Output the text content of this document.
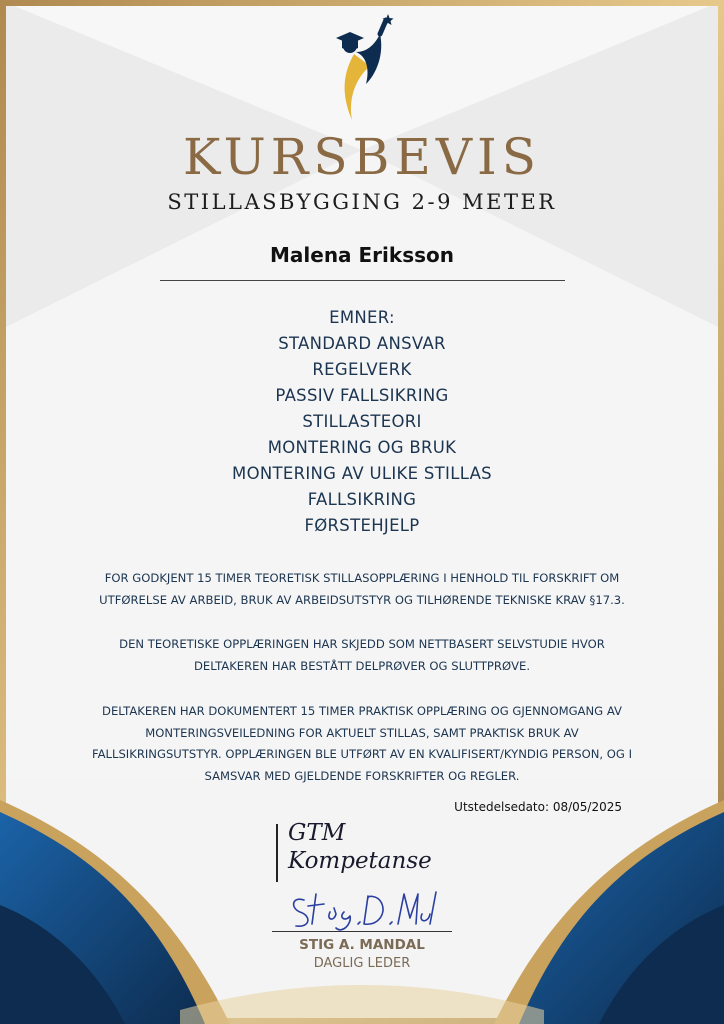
KURSBEVIS
STILLASBYGGING 2-9 METER
Malena Eriksson
EMNER:
STANDARD ANSVAR
REGELVERK
PASSIV FALLSIKRING
STILLASTEORI
MONTERING OG BRUK
MONTERING AV ULIKE STILLAS
FALLSIKRING
FØRSTEHJELP
FOR GODKJENT 15 TIMER TEORETISK STILLASOPPLÆRING I HENHOLD TIL FORSKRIFT OM
UTFØRELSE AV ARBEID, BRUK AV ARBEIDSUTSTYR OG TILHØRENDE TEKNISKE KRAV §17.3.
DEN TEORETISKE OPPLÆRINGEN HAR SKJEDD SOM NETTBASERT SELVSTUDIE HVOR
DELTAKEREN HAR BESTÅTT DELPRØVER OG SLUTTPRØVE.
DELTAKEREN HAR DOKUMENTERT 15 TIMER PRAKTISK OPPLÆRING OG GJENNOMGANG AV
MONTERINGSVEILEDNING FOR AKTUELT STILLAS, SAMT PRAKTISK BRUK AV
FALLSIKRINGSUTSTYR. OPPLÆRINGEN BLE UTFØRT AV EN KVALIFISERT/KYNDIG PERSON, OG I
SAMSVAR MED GJELDENDE FORSKRIFTER OG REGLER.
Utstedelsedato: 08/05/2025
GTM
Kompetanse
STIG A. MANDAL
DAGLIG LEDER
